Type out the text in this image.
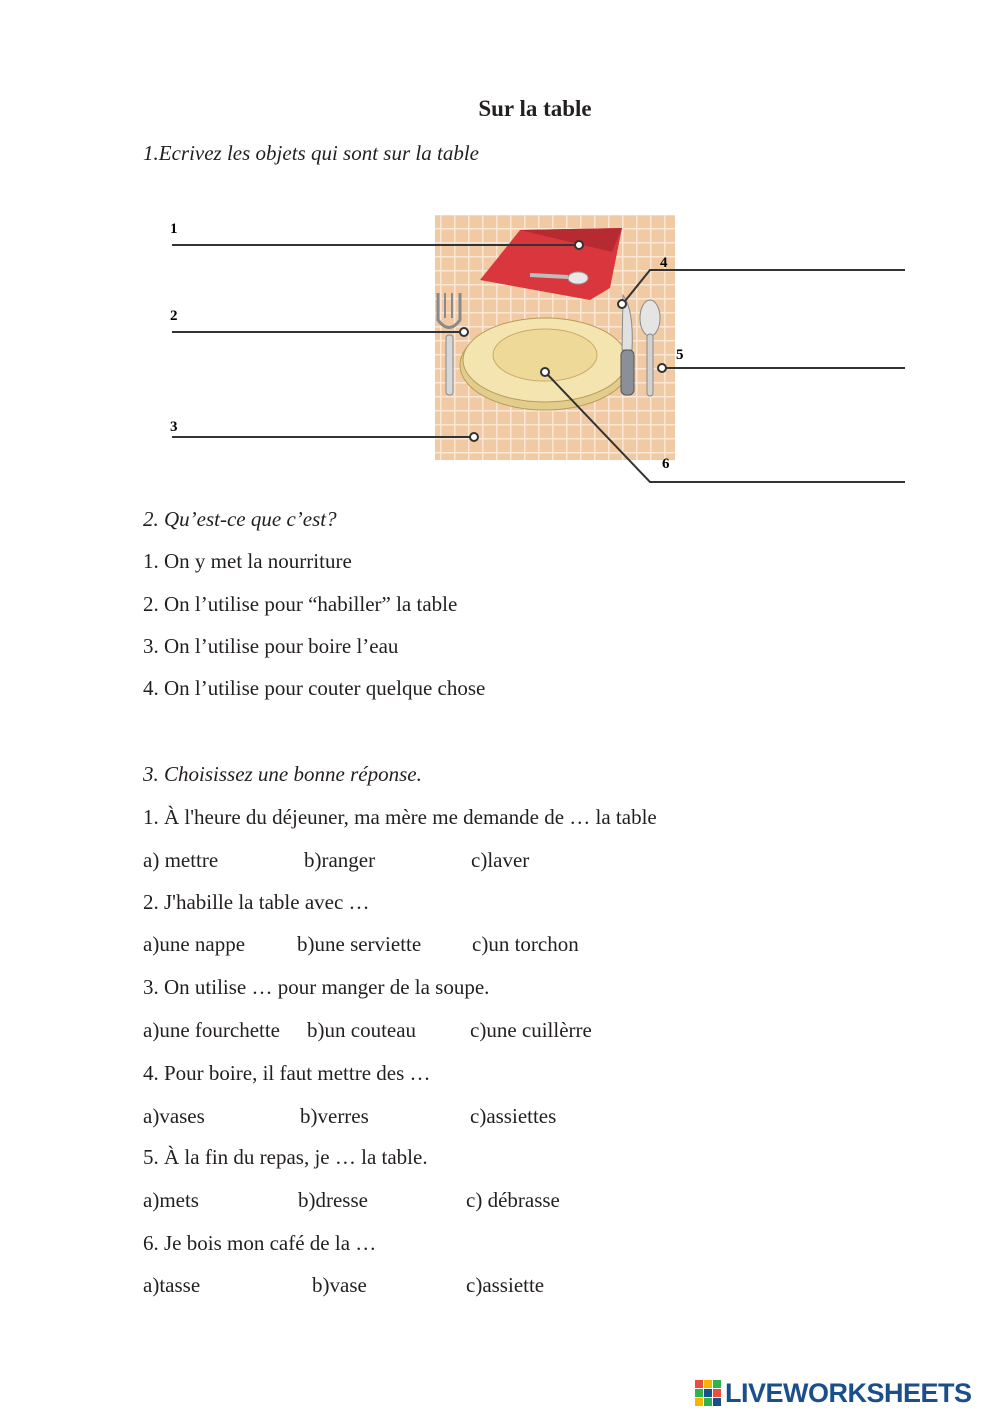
Sur la table
1.Ecrivez les objets qui sont sur la table
1
2
3
4
5
6
2. Qu’est-ce que c’est?
1. On y met la nourriture
2. On l’utilise pour “habiller” la table
3. On l’utilise pour boire l’eau
4. On l’utilise pour couter quelque chose
3. Choisissez une bonne réponse.
1. À l'heure du déjeuner, ma mère me demande de … la table
a) mettre	b)ranger	c)laver
2. J'habille la table avec …
a)une nappe b)une serviette c)un torchon
3. On utilise … pour manger de la soupe.
a)une fourchette b)un couteau	c)une cuillèrre
4. Pour boire, il faut mettre des …
a)vases	b)verres	c)assiettes
5. À la fin du repas, je … la table.
a)mets	b)dresse	c) débrasse
6. Je bois mon café de la …
a)tasse	b)vase	c)assiette
LIVE WORKSHEETS
